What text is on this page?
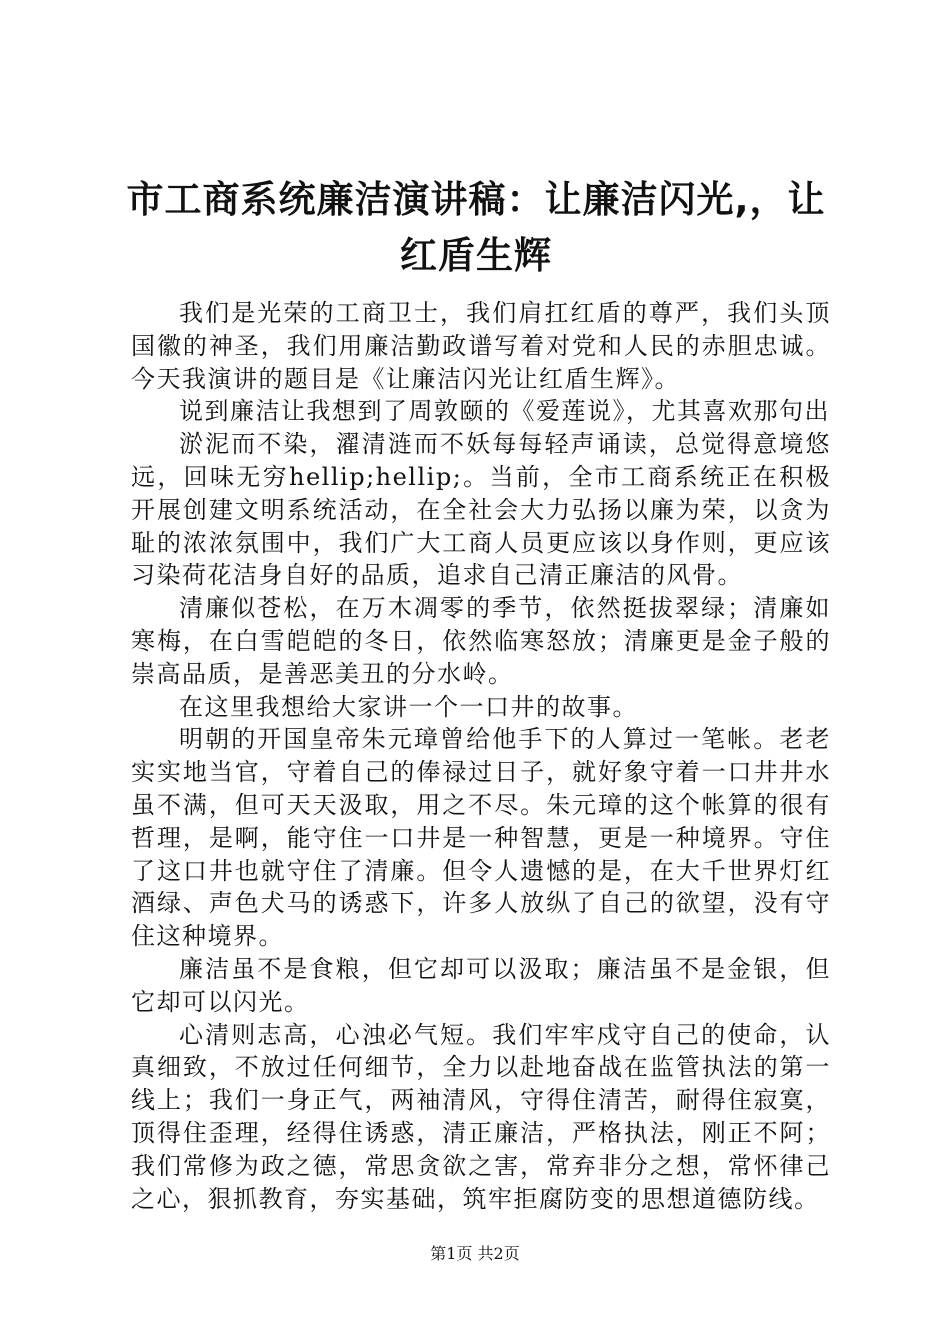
市工商系统廉洁演讲稿：让廉洁闪光,，让红盾生辉

我们是光荣的工商卫士，我们肩扛红盾的尊严，我们头顶国徽的神圣，我们用廉洁勤政谱写着对党和人民的赤胆忠诚。今天我演讲的题目是《让廉洁闪光让红盾生辉》。

说到廉洁让我想到了周敦颐的《爱莲说》，尤其喜欢那句出

淤泥而不染，濯清涟而不妖每每轻声诵读，总觉得意境悠远，回味无穷hellip;hellip;。当前，全市工商系统正在积极开展创建文明系统活动，在全社会大力弘扬以廉为荣，以贪为耻的浓浓氛围中，我们广大工商人员更应该以身作则，更应该习染荷花洁身自好的品质，追求自己清正廉洁的风骨。

清廉似苍松，在万木凋零的季节，依然挺拔翠绿；清廉如寒梅，在白雪皑皑的冬日，依然临寒怒放；清廉更是金子般的崇高品质，是善恶美丑的分水岭。

在这里我想给大家讲一个一口井的故事。

明朝的开国皇帝朱元璋曾给他手下的人算过一笔帐。老老实实地当官，守着自己的俸禄过日子，就好象守着一口井井水虽不满，但可天天汲取，用之不尽。朱元璋的这个帐算的很有哲理，是啊，能守住一口井是一种智慧，更是一种境界。守住了这口井也就守住了清廉。但令人遗憾的是，在大千世界灯红酒绿、声色犬马的诱惑下，许多人放纵了自己的欲望，没有守住这种境界。

廉洁虽不是食粮，但它却可以汲取；廉洁虽不是金银，但它却可以闪光。

心清则志高，心浊必气短。我们牢牢戍守自己的使命，认真细致，不放过任何细节，全力以赴地奋战在监管执法的第一线上；我们一身正气，两袖清风，守得住清苦，耐得住寂寞，顶得住歪理，经得住诱惑，清正廉洁，严格执法，刚正不阿；我们常修为政之德，常思贪欲之害，常弃非分之想，常怀律己之心，狠抓教育，夯实基础，筑牢拒腐防变的思想道德防线。

第1页 共2页
